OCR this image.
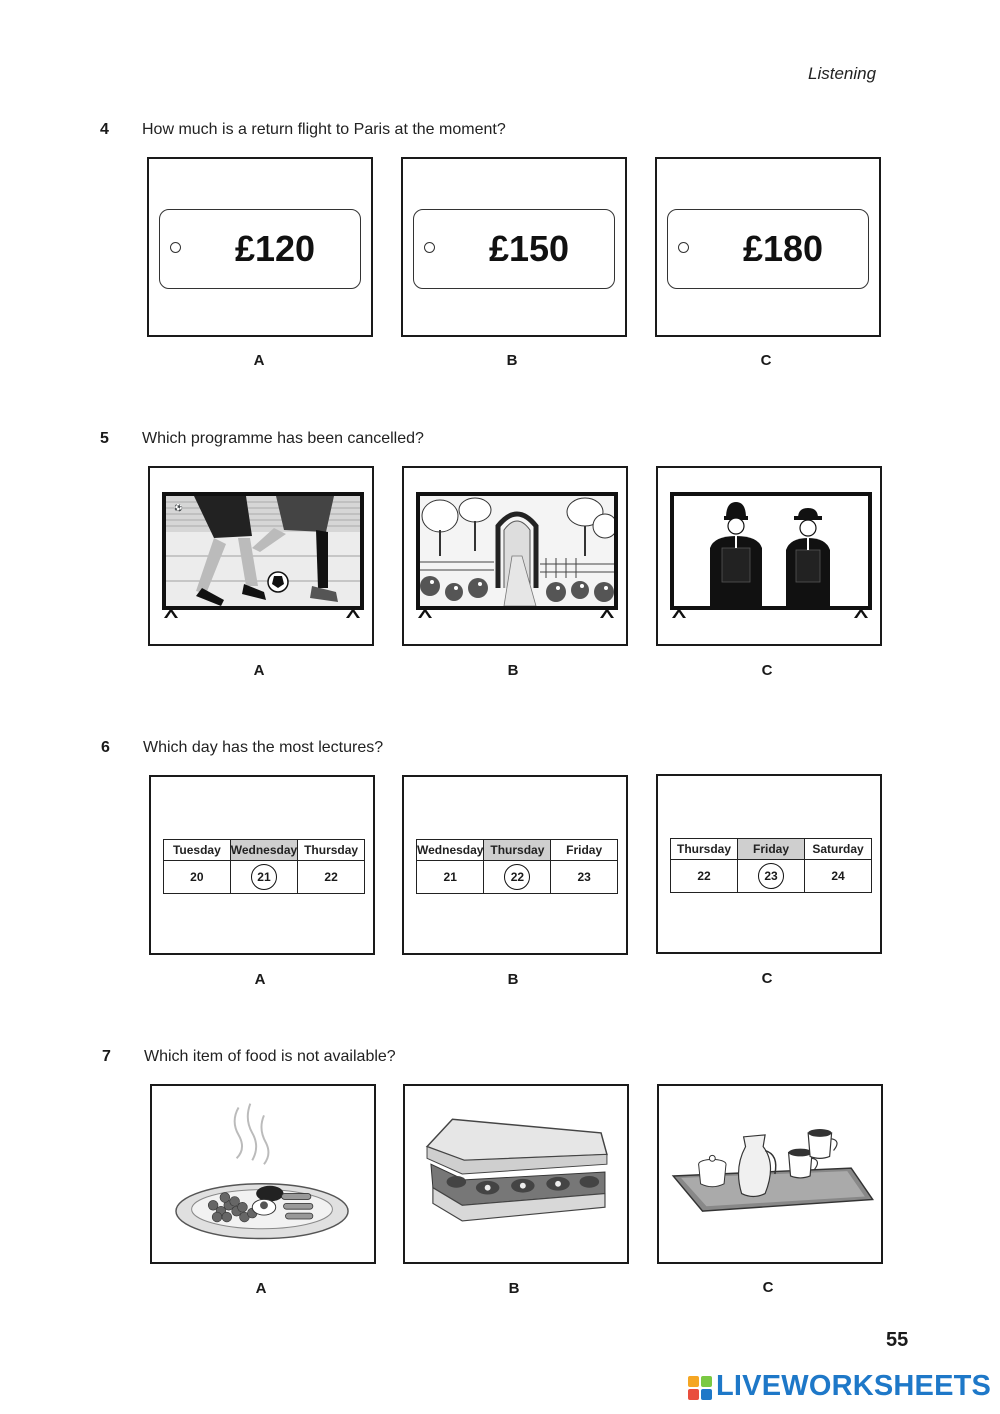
Listening
4 How much is a return flight to Paris at the moment?
£120	£150	£180
A	B	C
5 Which programme has been cancelled?
⚽
A	B	C
6 Which day has the most lectures?
Tuesday	Wednesday	Thursday
20	21	22
Wednesday	Thursday	Friday
21	22	23
Thursday	Friday	Saturday
22	23	24
A	B	C
7 Which item of food is not available?
A	B	C
55
LIVEWORKSHEETS
